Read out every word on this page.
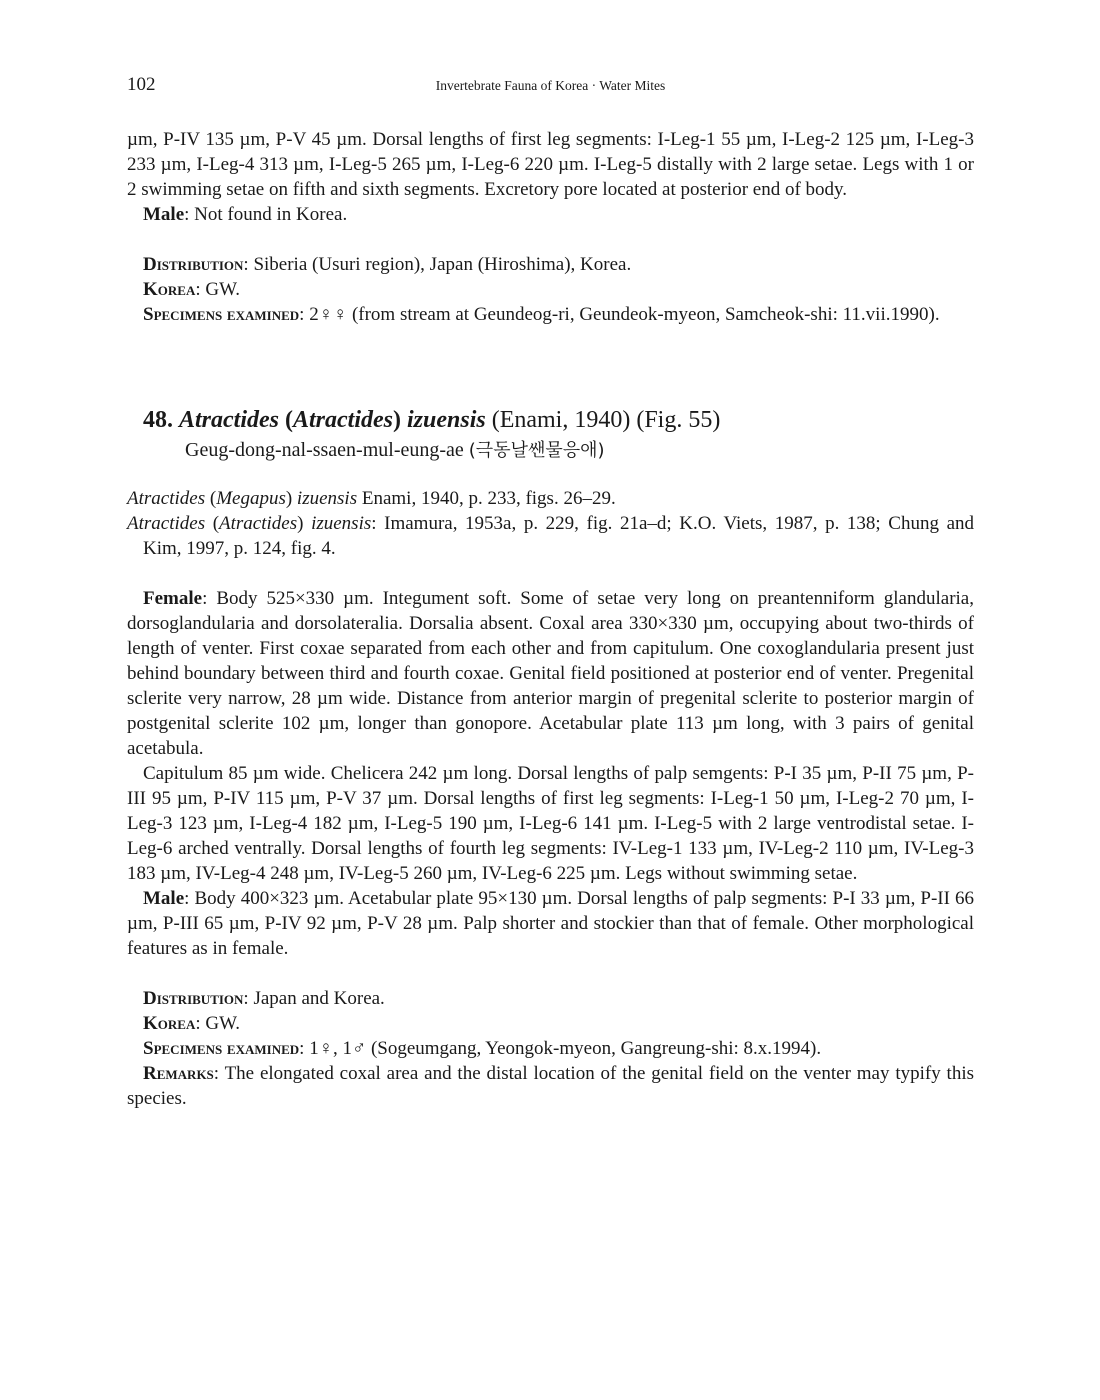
102	Invertebrate Fauna of Korea · Water Mites

µm, P-IV 135 µm, P-V 45 µm. Dorsal lengths of first leg segments: I-Leg-1 55 µm, I-Leg-2 125 µm, I-Leg-3 233 µm, I-Leg-4 313 µm, I-Leg-5 265 µm, I-Leg-6 220 µm. I-Leg-5 distally with 2 large setae. Legs with 1 or 2 swimming setae on fifth and sixth segments. Excretory pore located at posterior end of body.

Male: Not found in Korea.

Distribution: Siberia (Usuri region), Japan (Hiroshima), Korea.

Korea: GW.

Specimens examined: 2♀♀ (from stream at Geundeog-ri, Geundeok-myeon, Samcheok-shi: 11.vii.1990).

48. Atractides (Atractides) izuensis (Enami, 1940) (Fig. 55)
Geug-dong-nal-ssaen-mul-eung-ae (극동날쌘물응애)

Atractides (Megapus) izuensis Enami, 1940, p. 233, figs. 26–29.

Atractides (Atractides) izuensis: Imamura, 1953a, p. 229, fig. 21a–d; K.O. Viets, 1987, p. 138; Chung and Kim, 1997, p. 124, fig. 4.

Female: Body 525×330 µm. Integument soft. Some of setae very long on preantenniform glandularia, dorsoglandularia and dorsolateralia. Dorsalia absent. Coxal area 330×330 µm, occupying about two-thirds of length of venter. First coxae separated from each other and from capitulum. One coxoglandularia present just behind boundary between third and fourth coxae. Genital field positioned at posterior end of venter. Pregenital sclerite very narrow, 28 µm wide. Distance from anterior margin of pregenital sclerite to posterior margin of postgenital sclerite 102 µm, longer than gonopore. Acetabular plate 113 µm long, with 3 pairs of genital acetabula.

Capitulum 85 µm wide. Chelicera 242 µm long. Dorsal lengths of palp semgents: P-I 35 µm, P-II 75 µm, P-III 95 µm, P-IV 115 µm, P-V 37 µm. Dorsal lengths of first leg segments: I-Leg-1 50 µm, I-Leg-2 70 µm, I-Leg-3 123 µm, I-Leg-4 182 µm, I-Leg-5 190 µm, I-Leg-6 141 µm. I-Leg-5 with 2 large ventrodistal setae. I-Leg-6 arched ventrally. Dorsal lengths of fourth leg segments: IV-Leg-1 133 µm, IV-Leg-2 110 µm, IV-Leg-3 183 µm, IV-Leg-4 248 µm, IV-Leg-5 260 µm, IV-Leg-6 225 µm. Legs without swimming setae.

Male: Body 400×323 µm. Acetabular plate 95×130 µm. Dorsal lengths of palp segments: P-I 33 µm, P-II 66 µm, P-III 65 µm, P-IV 92 µm, P-V 28 µm. Palp shorter and stockier than that of female. Other morphological features as in female.

Distribution: Japan and Korea.

Korea: GW.

Specimens examined: 1♀, 1♂ (Sogeumgang, Yeongok-myeon, Gangreung-shi: 8.x.1994).

Remarks: The elongated coxal area and the distal location of the genital field on the venter may typify this species.
